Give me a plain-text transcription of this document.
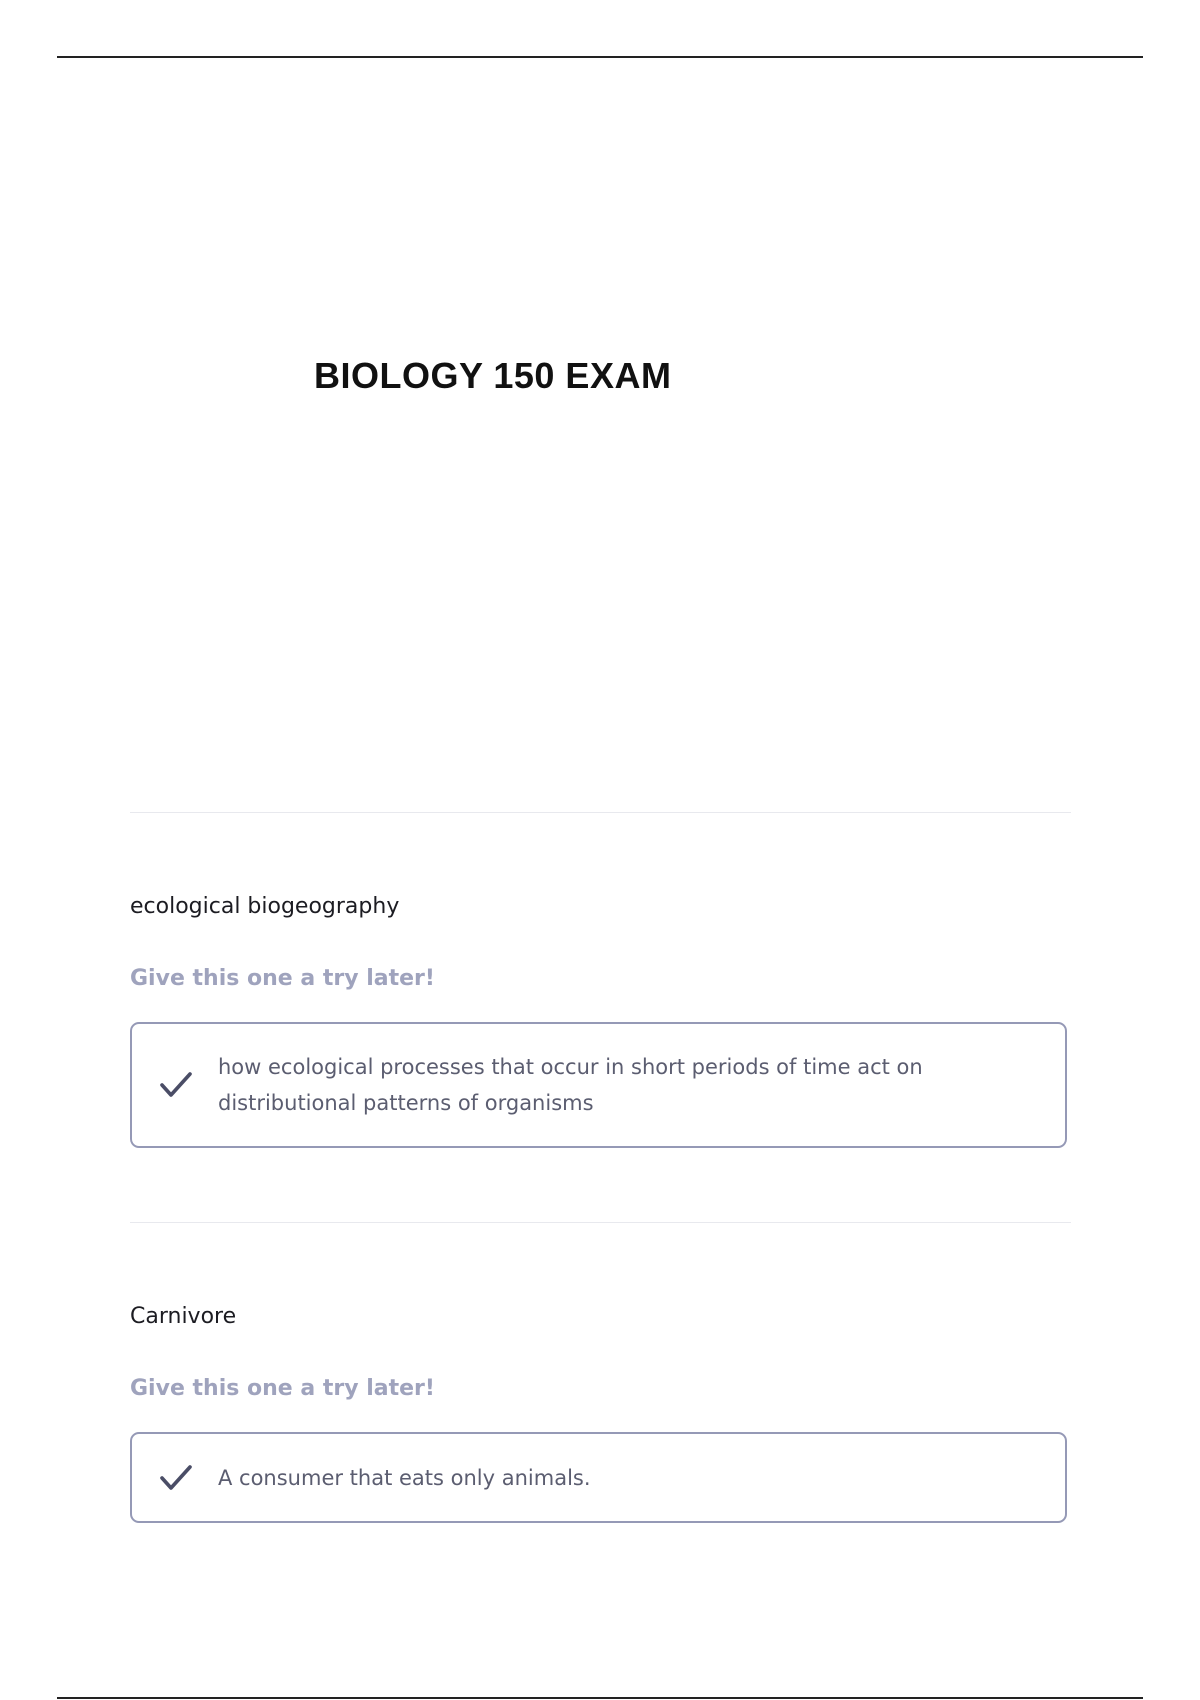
BIOLOGY 150 EXAM

ecological biogeography

Give this one a try later!

how ecological processes that occur in short periods of time act on distributional patterns of organisms

Carnivore

Give this one a try later!

A consumer that eats only animals.
